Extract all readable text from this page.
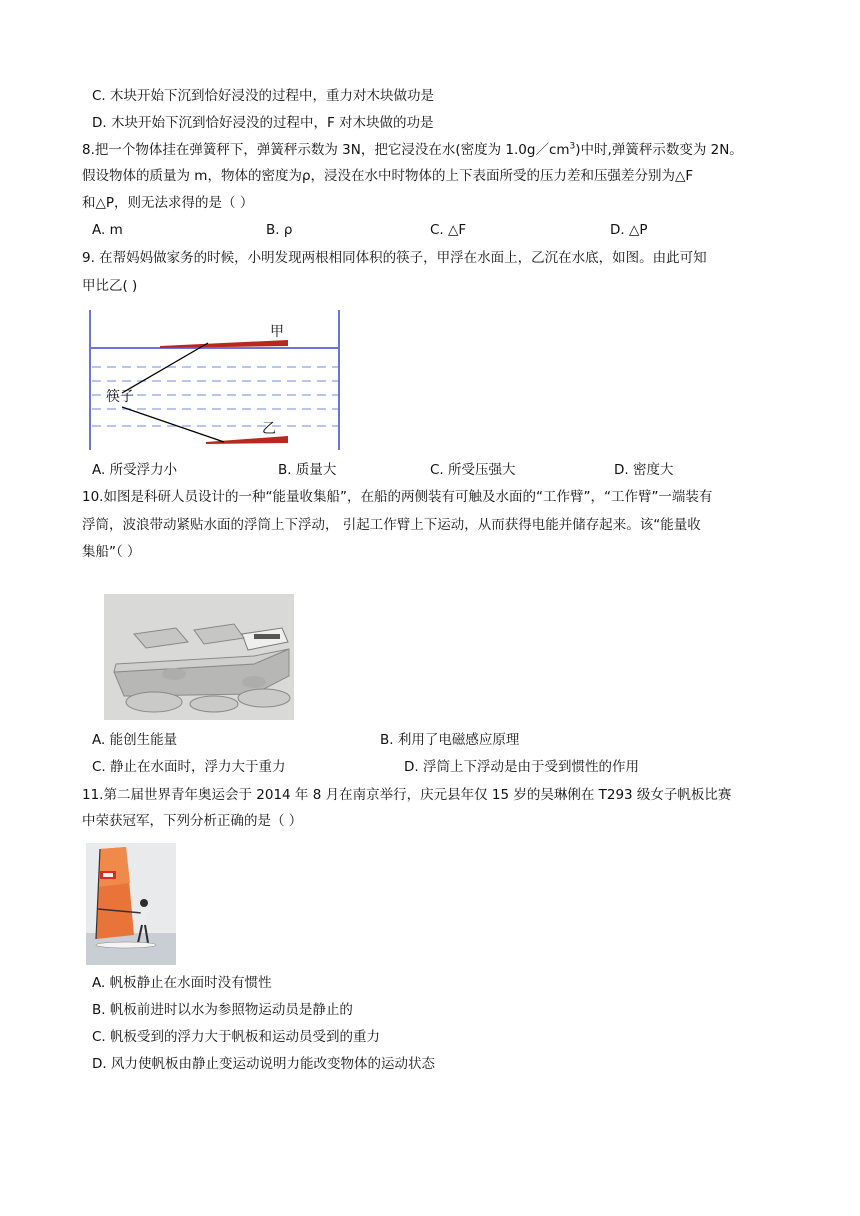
C. 木块开始下沉到恰好浸没的过程中，重力对木块做功是
D. 木块开始下沉到恰好浸没的过程中，F 对木块做的功是
8.把一个物体挂在弹簧秤下，弹簧秤示数为 3N，把它浸没在水(密度为 $1.0g/cm^3$)中时,弹簧秤示数变为 2N。
假设物体的质量为 m，物体的密度为ρ，浸没在水中时物体的上下表面所受的压力差和压强差分别为△F
和△P，则无法求得的是（ ）
A. m	B. ρ	C. △F	D. △P
9. 在帮妈妈做家务的时候，小明发现两根相同体积的筷子，甲浮在水面上，乙沉在水底，如图。由此可知
甲比乙( )
甲
筷子
乙
A. 所受浮力小	B. 质量大	C. 所受压强大	D. 密度大
10.如图是科研人员设计的一种“能量收集船”，在船的两侧装有可触及水面的“工作臂”，“工作臂”一端装有
浮筒，波浪带动紧贴水面的浮筒上下浮动， 引起工作臂上下运动，从而获得电能并储存起来。该“能量收
集船”（ ）
A. 能创生能量	B. 利用了电磁感应原理
C. 静止在水面时，浮力大于重力	D. 浮筒上下浮动是由于受到惯性的作用
11.第二届世界青年奥运会于 2014 年 8 月在南京举行，庆元县年仅 15 岁的吴琳俐在 T293 级女子帆板比赛
中荣获冠军，下列分析正确的是（ ）
A. 帆板静止在水面时没有惯性
B. 帆板前进时以水为参照物运动员是静止的
C. 帆板受到的浮力大于帆板和运动员受到的重力
D. 风力使帆板由静止变运动说明力能改变物体的运动状态
